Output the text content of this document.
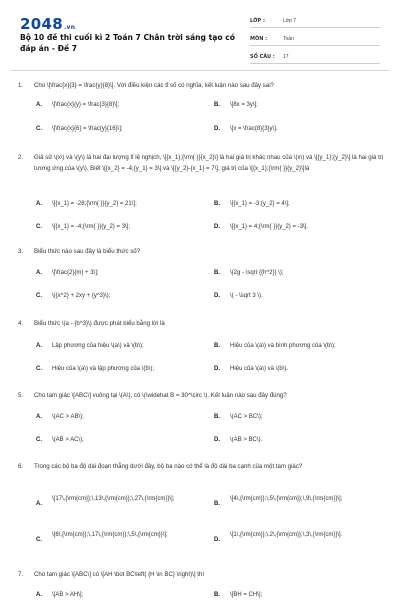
2048.vn
Bộ 10 đề thi cuối kì 2 Toán 7 Chân trời sáng tạo có đáp án - Đề 7
LỚP :	Lớp 7
MÔN :	Toán
SỐ CÂU :	17
1.	Cho \[\frac{x}{3} = \frac{y}{8}\]. Với điều kiện các tỉ số có nghĩa, kết luận nào sau đây sai?
A.	\[\frac{x}{y} = \frac{3}{8}\];	B.	\[8x = 3y\];
C.	\[\frac{x}{6} = \frac{y}{16}\];	D.	\[x = \frac{8}{3}y\].
2.	Giả sử \(x\) và \(y\) là hai đại lượng tỉ lệ nghịch, \[{x_1};{\rm{ }}{x_2}\] là hai giá trị khác nhau của \(x\) và \[{y_1};{y_2}\] là hai giá trị tương ứng của \(y\). Biết \[{x_2} = -4;{y_1} = 3\] và \[{y_2}-{x_1} = 7\], giá trị của \[{x_1};{\rm{ }}{y_2}\]là
A.	\[{x_1} = -28;{\rm{ }}{y_2} = 21\];	B.	\[{x_1} = -3;{y_2} = 4\];
C.	\[{x_1} = -4;{\rm{ }}{y_2} = 3\];	D.	\[{x_1} = 4;{\rm{ }}{y_2} = -3\].
3.	Biểu thức nào sau đây là biểu thức số?
A.	\[\frac{2}{m} + 3\];	B.	\(2g - \sqrt {{h^2}} \);
C.	\({x^2} + 2xy + {y^3}\);	D.	\( - \sqrt 3 \).
4.	Biểu thức \(a - {b^3}\) được phát biểu bằng lời là
A.	Lập phương của hiệu \(a\) và \(b\);	B.	Hiệu của \(a\) và bình phương của \(b\);
C.	Hiệu của \(a\) và lập phương của \(b\);	D.	Hiệu của \(a\) và \(b\).
5.	Cho tam giác \[ABC\] vuông tại \(A\), có \(\widehat B = 30^\circ \). Kết luận nào sau đây đúng?
A.	\(AC > AB\);	B.	\(AC > BC\);
C.	\(AB > AC\);	D.	\(AB > BC\).
6.	Trong các bộ ba độ dài đoạn thẳng dưới đây, bộ ba nào có thể là độ dài ba cạnh của một tam giác?
A.
\[17\,{\rm{cm}};\,13\,{\rm{cm}};\,27\,{\rm{cm}}\];
B.
\[4\,{\rm{cm}};\,5\,{\rm{cm}};\,9\,{\rm{cm}}\];
C.
\[6\,{\rm{cm}};\,17\,{\rm{cm}};\,5\,{\rm{cm}}\];
D.
\[1\,{\rm{cm}};\,2\,{\rm{cm}};\,3\,{\rm{cm}}\].
7.	Cho tam giác \[ABC\] có \[AH \bot BC\left( {H \in BC} \right)\] thì
A.	\[AB > AH\];	B.	\[BH = CH\];
